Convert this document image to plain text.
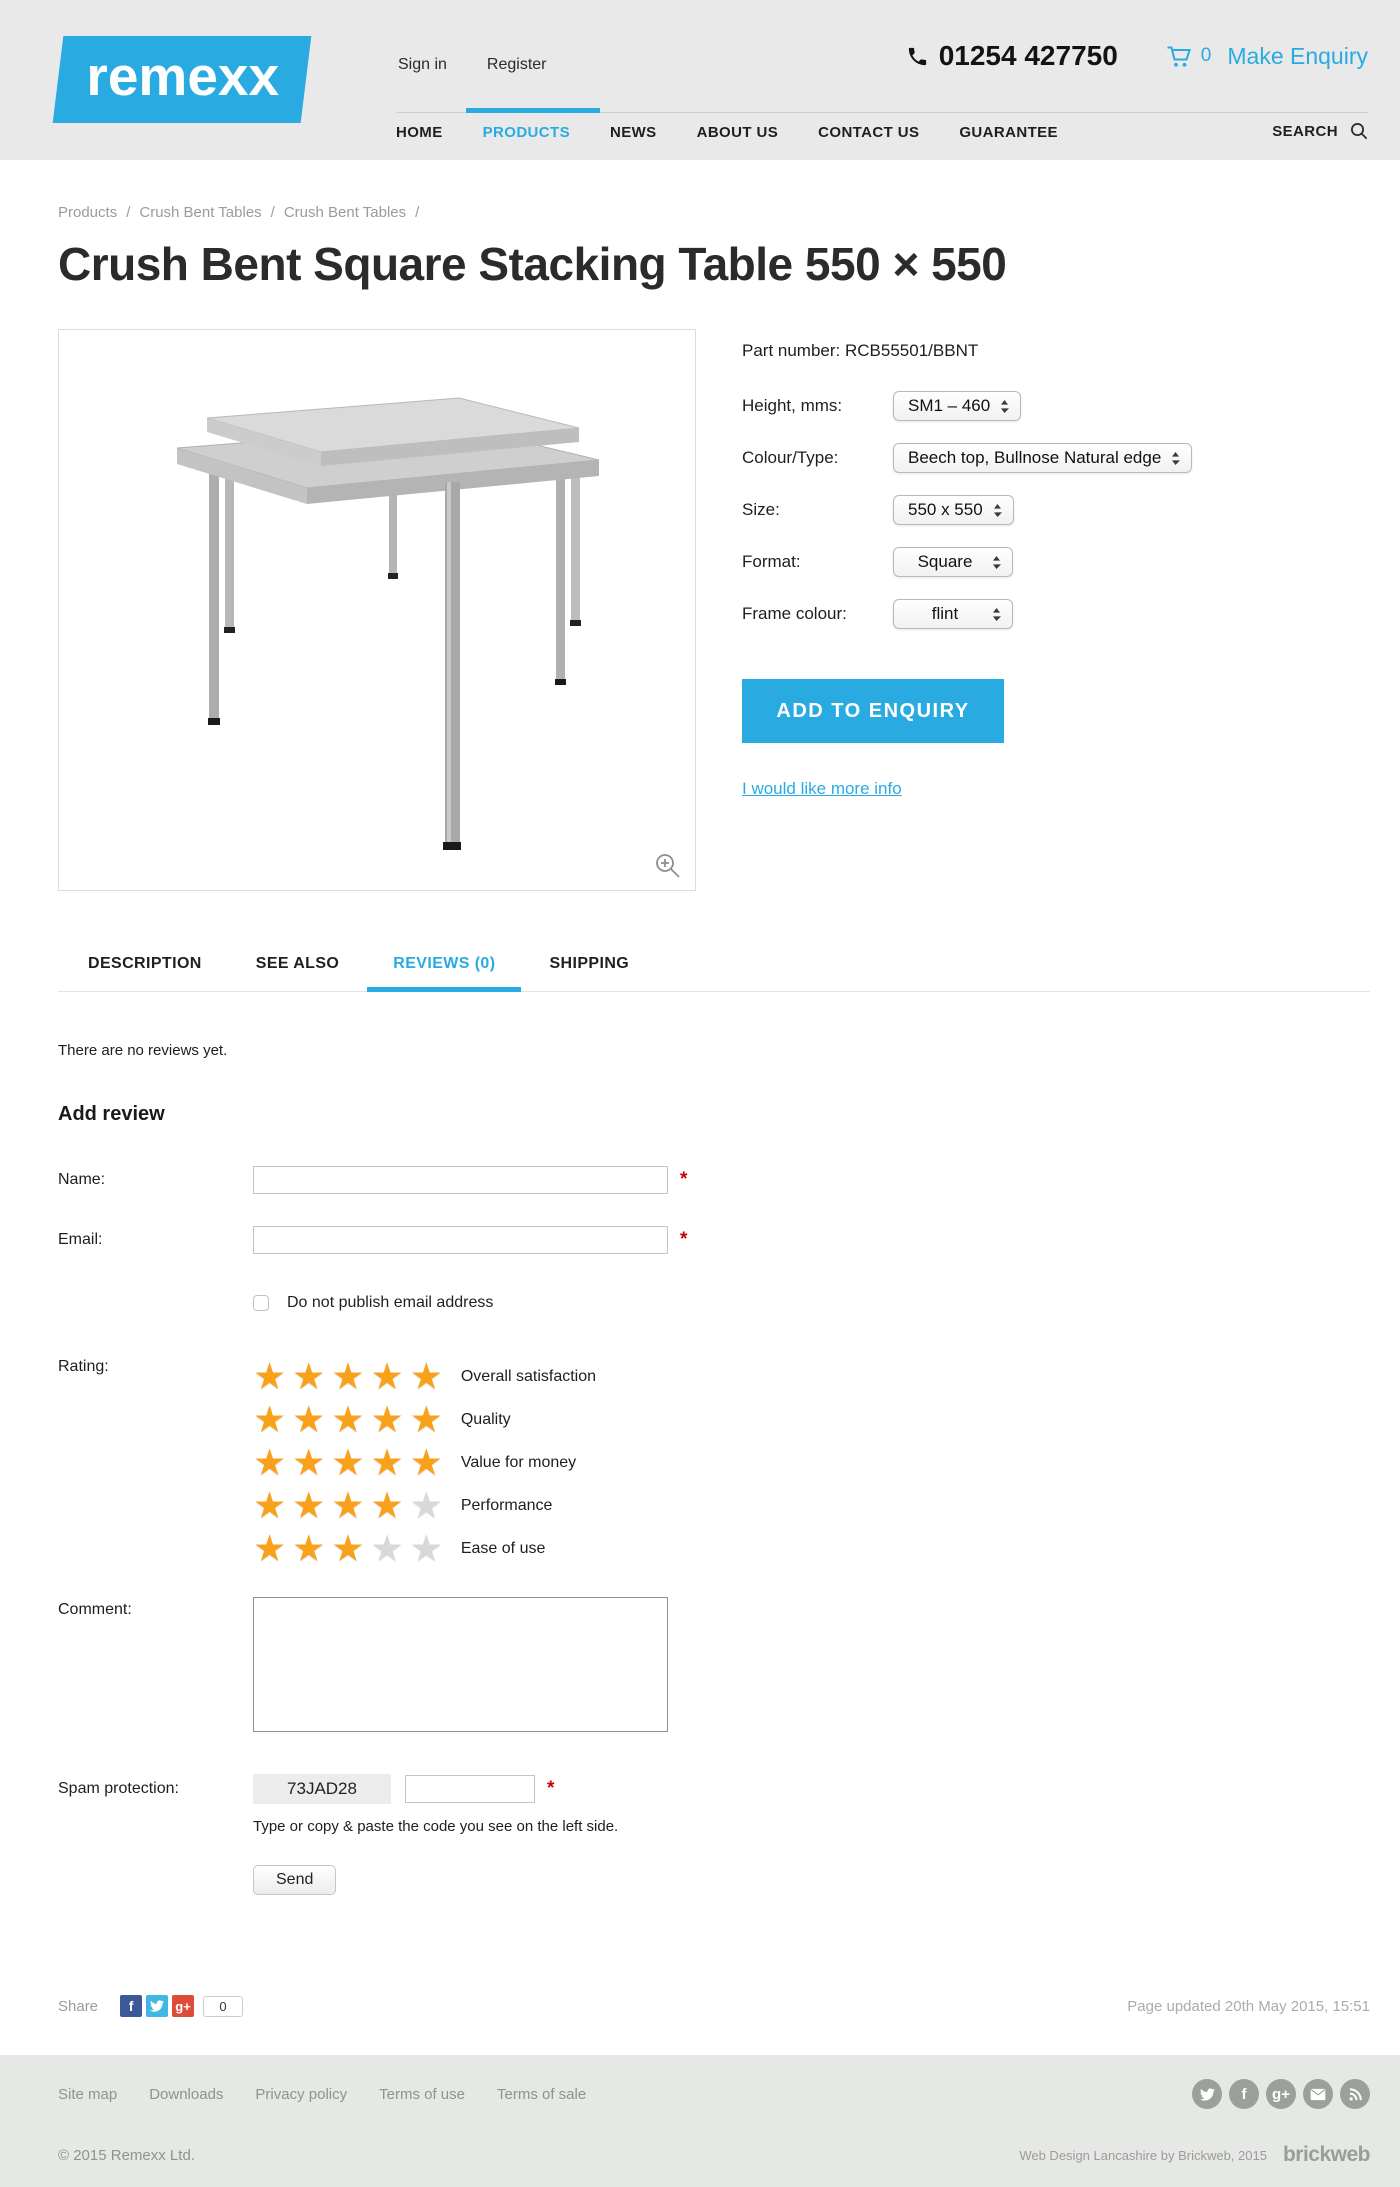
remexx	Sign in	Register	01254 427750	0 Make Enquiry
HOME	PRODUCTS	NEWS	ABOUT US	CONTACT US	GUARANTEE	SEARCH
Products / Crush Bent Tables / Crush Bent Tables /
Crush Bent Square Stacking Table 550 × 550

Part number: RCB55501/BBNT

Height, mms:	SM1 – 460
Colour/Type:	Beech top, Bullnose Natural edge
Size:	550 x 550
Format:	Square
Frame colour:	flint
ADD TO ENQUIRY
I would like more info
DESCRIPTION	SEE ALSO	REVIEWS (0)	SHIPPING

There are no reviews yet.

Add review
Name:	*
Email:	*
Do not publish email address
Rating:	★ ★ ★ ★ ★ Overall satisfaction
★ ★ ★ ★ ★ Quality
★ ★ ★ ★ ★ Value for money
★ ★ ★ ★ ★ Performance
★ ★ ★ ★ ★ Ease of use
Comment:
Spam protection:	73JAD28	*

Type or copy & paste the code you see on the left side.

Send
Share	f	g+	0	Page updated 20th May 2015, 15:51
Site map Downloads Privacy policy Terms of use Terms of sale	f	g+
© 2015 Remexx Ltd.	Web Design Lancashire by Brickweb, 2015 brickweb
